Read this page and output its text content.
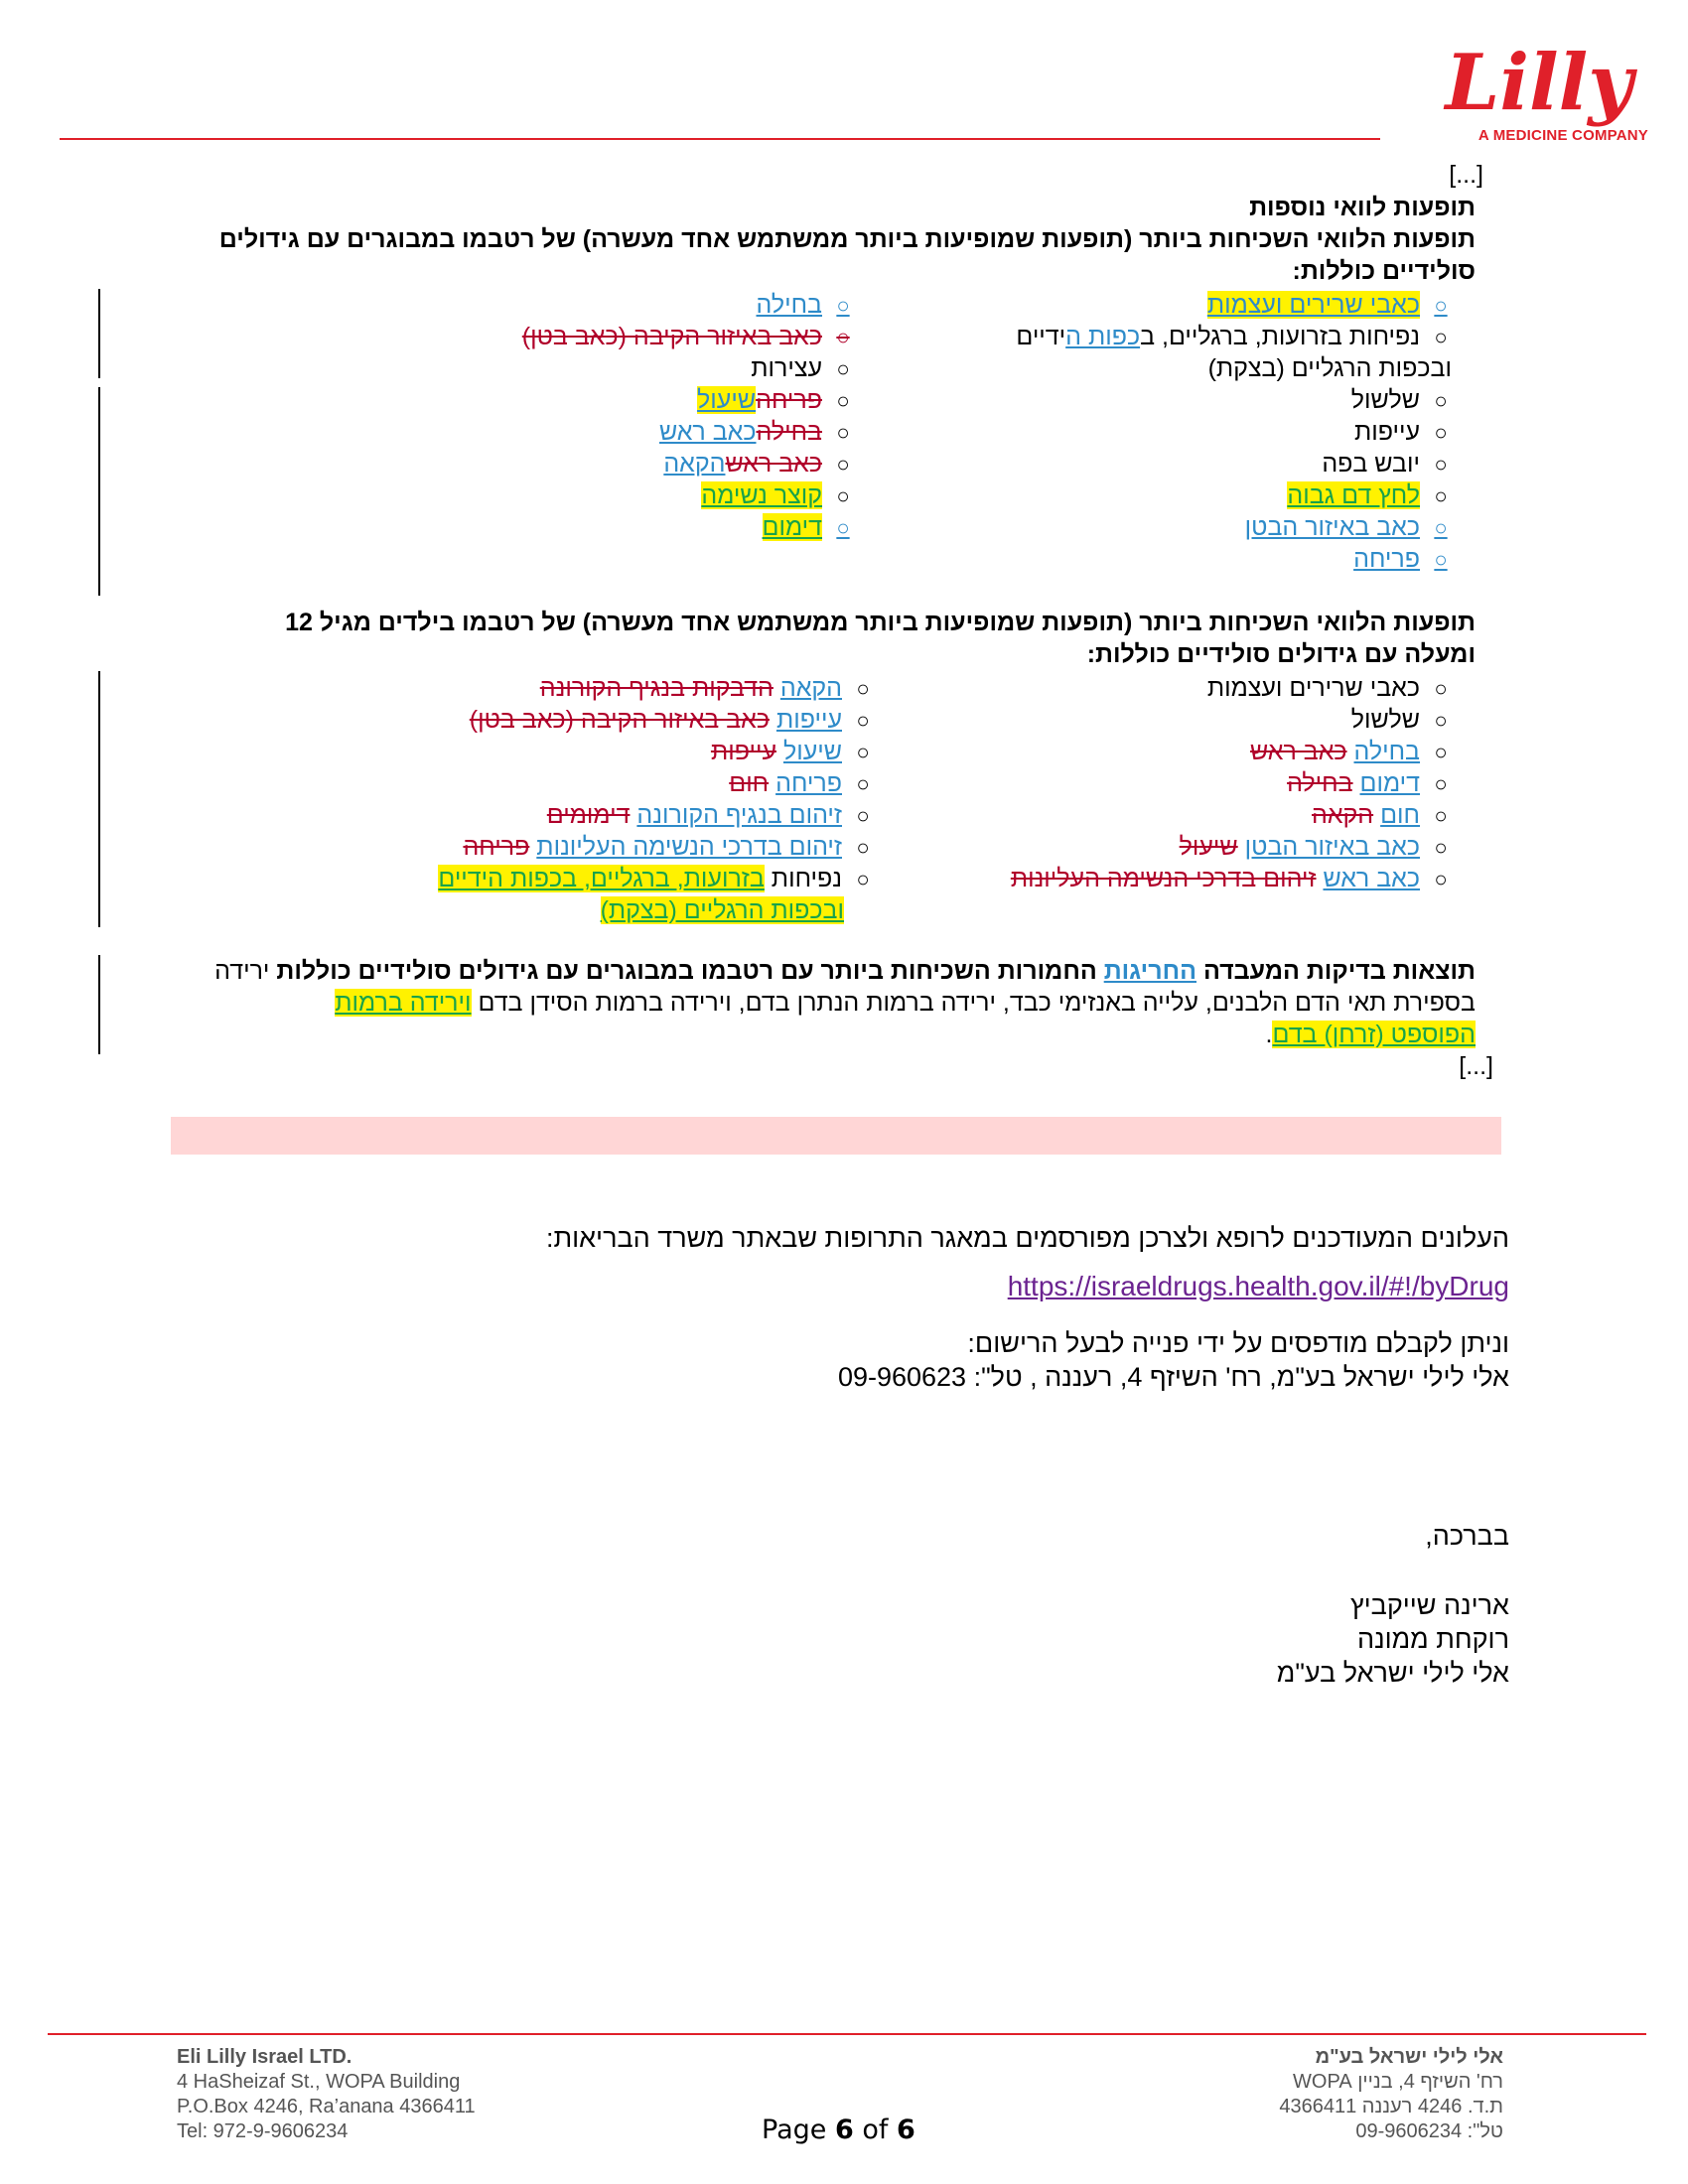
Lilly
A MEDICINE COMPANY
[...]
תופעות לוואי נוספות
תופעות הלוואי השכיחות ביותר (תופעות שמופיעות ביותר ממשתמש אחד מעשרה) של רטבמו במבוגרים עם גידולים
סולידיים כוללות:
○כאבי שרירים ועצמות
○נפיחות בזרועות, ברגליים, בכפות הידיים
ובכפות הרגליים (בצקת)
○שלשול
○עייפות
○יובש בפה
○לחץ דם גבוה
○כאב באיזור הבטן
○פריחה
○בחילה
○כאב באיזור הקיבה (כאב בטן)
○עצירות
○פריחהשיעול
○בחילהכאב ראש
○כאב ראשהקאה
○קוצר נשימה
○דימום
תופעות הלוואי השכיחות ביותר (תופעות שמופיעות ביותר ממשתמש אחד מעשרה) של רטבמו בילדים מגיל 12
ומעלה עם גידולים סולידיים כוללות:
○כאבי שרירים ועצמות
○שלשול
○בחילה כאב ראש
○דימום בחילה
○חום הקאה
○כאב באיזור הבטן שיעול
○כאב ראש זיהום בדרכי הנשימה העליונות
○הקאה הדבקות בנגיף הקורונה
○עייפות כאב באיזור הקיבה (כאב בטן)
○שיעול עייפות
○פריחה חום
○זיהום בנגיף הקורונה דימומים
○זיהום בדרכי הנשימה העליונות פריחה
○נפיחות בזרועות, ברגליים, בכפות הידיים
ובכפות הרגליים (בצקת)
תוצאות בדיקות המעבדה החריגות החמורות השכיחות ביותר עם רטבמו במבוגרים עם גידולים סולידיים כוללות ירידה
בספירת תאי הדם הלבנים, עלייה באנזימי כבד, ירידה ברמות הנתרן בדם, וירידה ברמות הסידן בדם וירידה ברמות
הפוספט (זרחן) בדם.
[...]
העלונים המעודכנים לרופא ולצרכן מפורסמים במאגר התרופות שבאתר משרד הבריאות:
https://israeldrugs.health.gov.il/#!/byDrug
וניתן לקבלם מודפסים על ידי פנייה לבעל הרישום:
אלי לילי ישראל בע"מ, רח' השיזף 4, רעננה , טל": 09-960623
בברכה,
ארינה שייקביץ
רוקחת ממונה
אלי לילי ישראל בע"מ
Eli Lilly Israel LTD.
4 HaSheizaf St., WOPA Building
P.O.Box 4246, Ra’anana 4366411
Tel: 972-9-9606234
אלי לילי ישראל בע"מ
רח' השיזף 4, בניין WOPA
ת.ד. 4246 רעננה 4366411
טל": 09-9606234
Page 6 of 6
